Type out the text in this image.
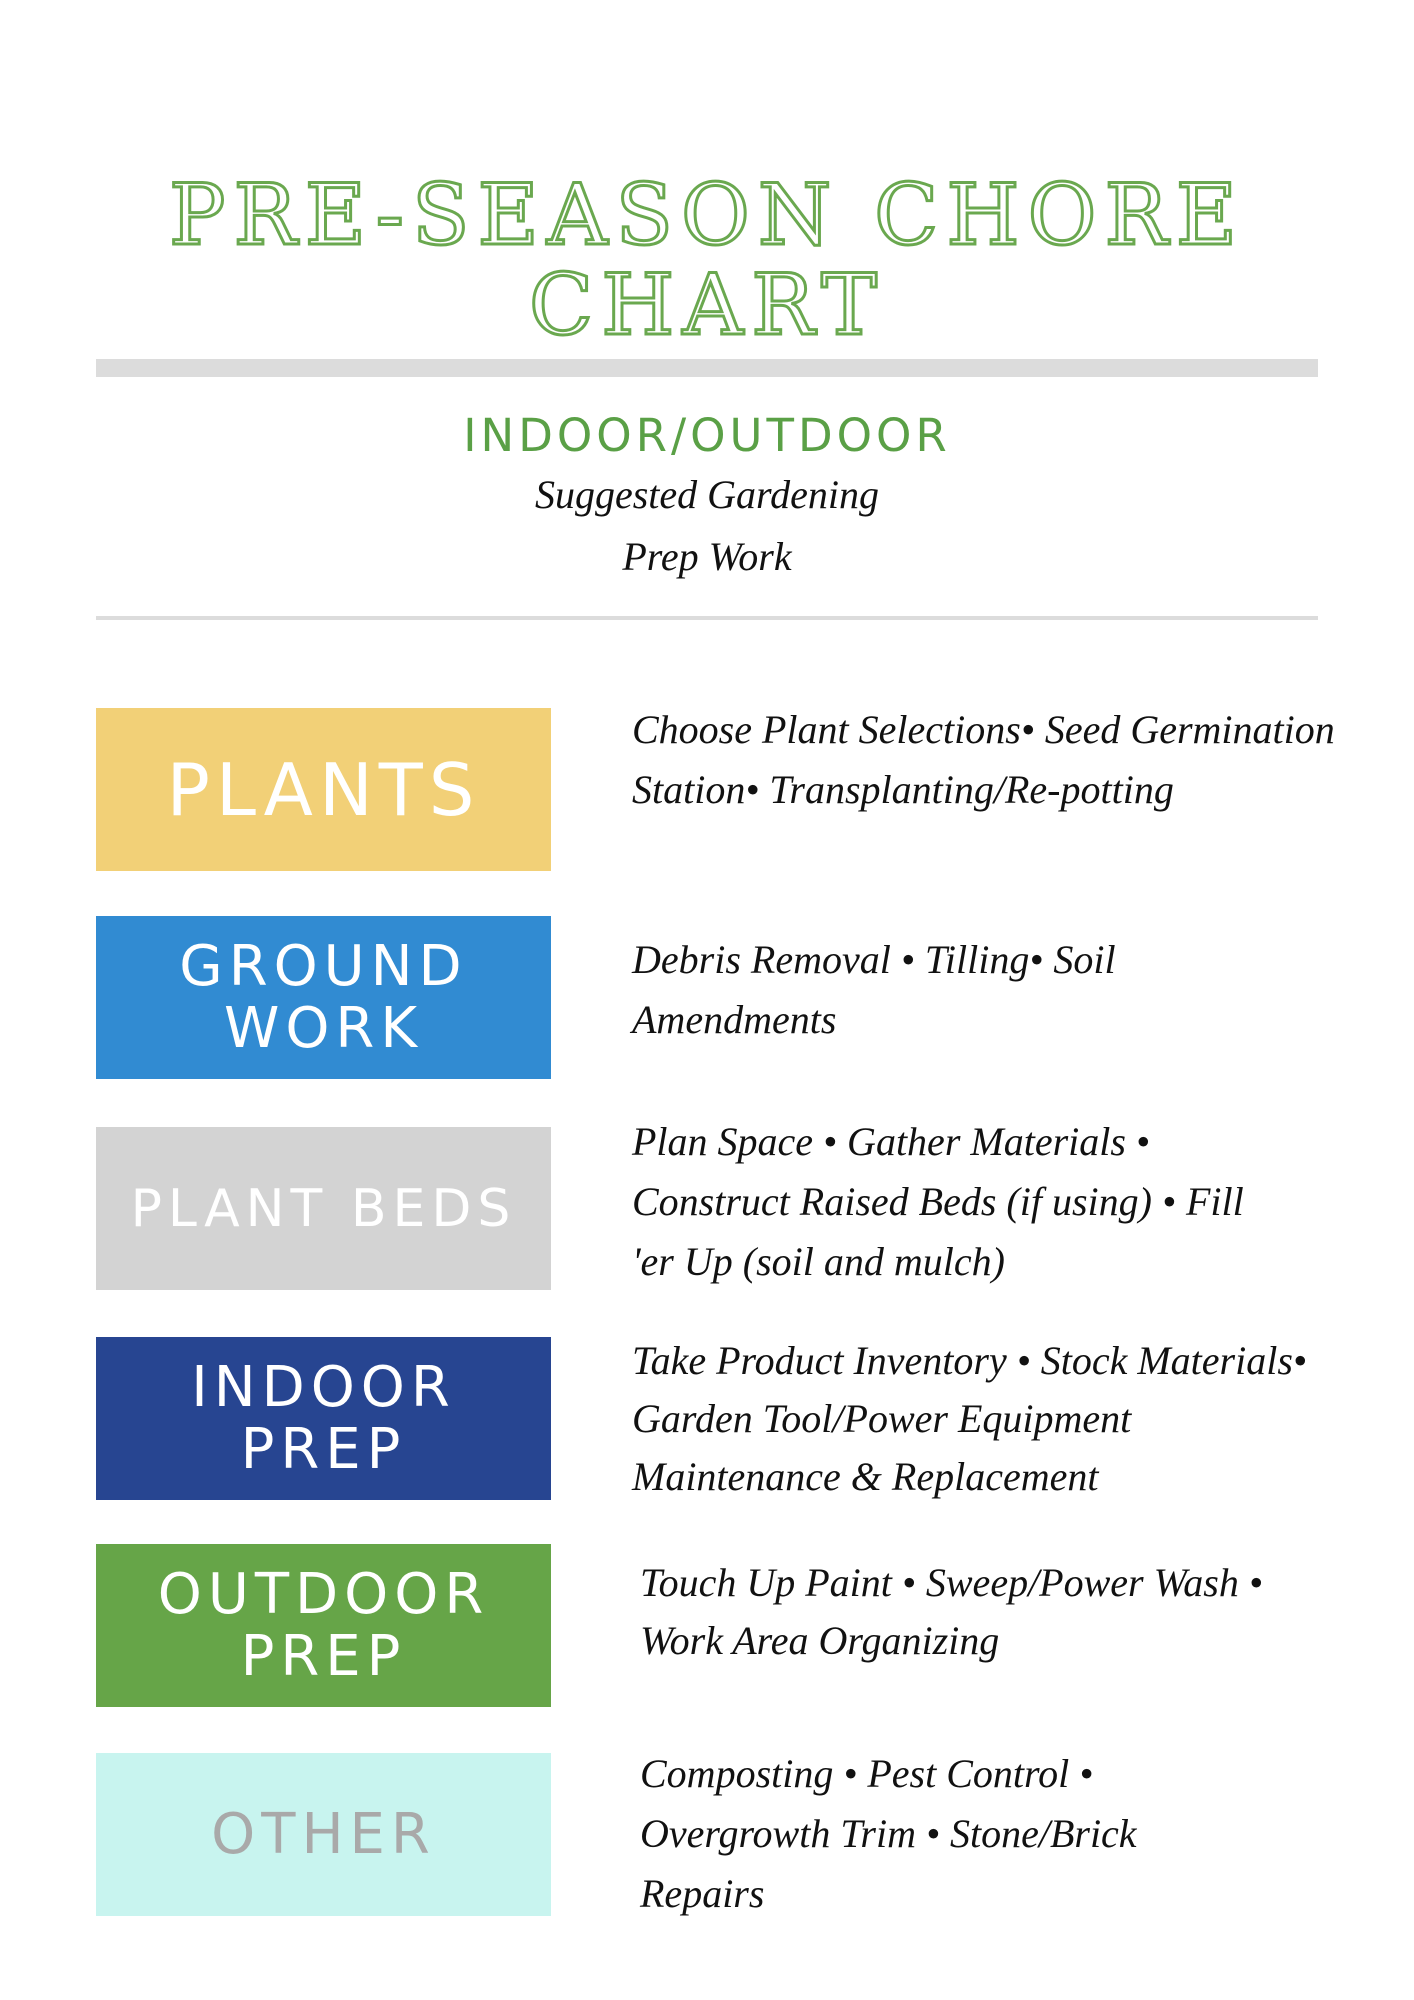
PRE-SEASON CHORE CHART
INDOOR/OUTDOOR
Suggested Gardening
Prep Work
PLANTS
Choose Plant Selections• Seed Germination Station• Transplanting/Re-potting
GROUND WORK
Debris Removal • Tilling• Soil Amendments
PLANT BEDS
Plan Space • Gather Materials • Construct Raised Beds (if using) • Fill 'er Up (soil and mulch)
INDOOR PREP
Take Product Inventory • Stock Materials• Garden Tool/Power Equipment Maintenance & Replacement
OUTDOOR PREP
Touch Up Paint • Sweep/Power Wash • Work Area Organizing
OTHER
Composting • Pest Control • Overgrowth Trim • Stone/Brick Repairs
